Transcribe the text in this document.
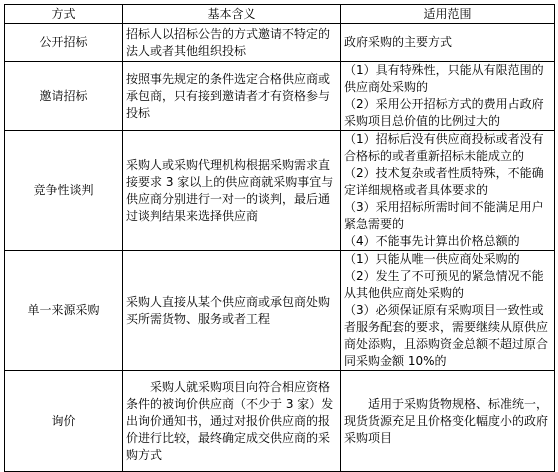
方式	基本含义	适用范围
公开招标	招标人以招标公告的方式邀请不特定的法人或者其他组织投标	政府采购的主要方式

邀请招标	按照事先规定的条件选定合格供应商或承包商，只有接到邀请者才有资格参与投标	（1）具有特殊性，只能从有限范围的供应商处采购的
（2）采用公开招标方式的费用占政府采购项目总价值的比例过大的

竞争性谈判	采购人或采购代理机构根据采购需求直接要求 3 家以上的供应商就采购事宜与供应商分别进行一对一的谈判，最后通过谈判结果来选择供应商	（1）招标后没有供应商投标或者没有合格标的或者重新招标未能成立的
（2）技术复杂或者性质特殊，不能确定详细规格或者具体要求的
（3）采用招标所需时间不能满足用户紧急需要的
（4）不能事先计算出价格总额的

单一来源采购	采购人直接从某个供应商或承包商处购买所需货物、服务或者工程	（1）只能从唯一供应商处采购的
（2）发生了不可预见的紧急情况不能从其他供应商处采购的
（3）必须保证原有采购项目一致性或者服务配套的要求，需要继续从原供应商处添购，且添购资金总额不超过原合同采购金额 10%的

询价	　　采购人就采购项目向符合相应资格条件的被询价供应商（不少于 3 家）发出询价通知书，通过对报价供应商的报价进行比较，最终确定成交供应商的采购方式	　　适用于采购货物规格、标准统一，现货货源充足且价格变化幅度小的政府采购项目
